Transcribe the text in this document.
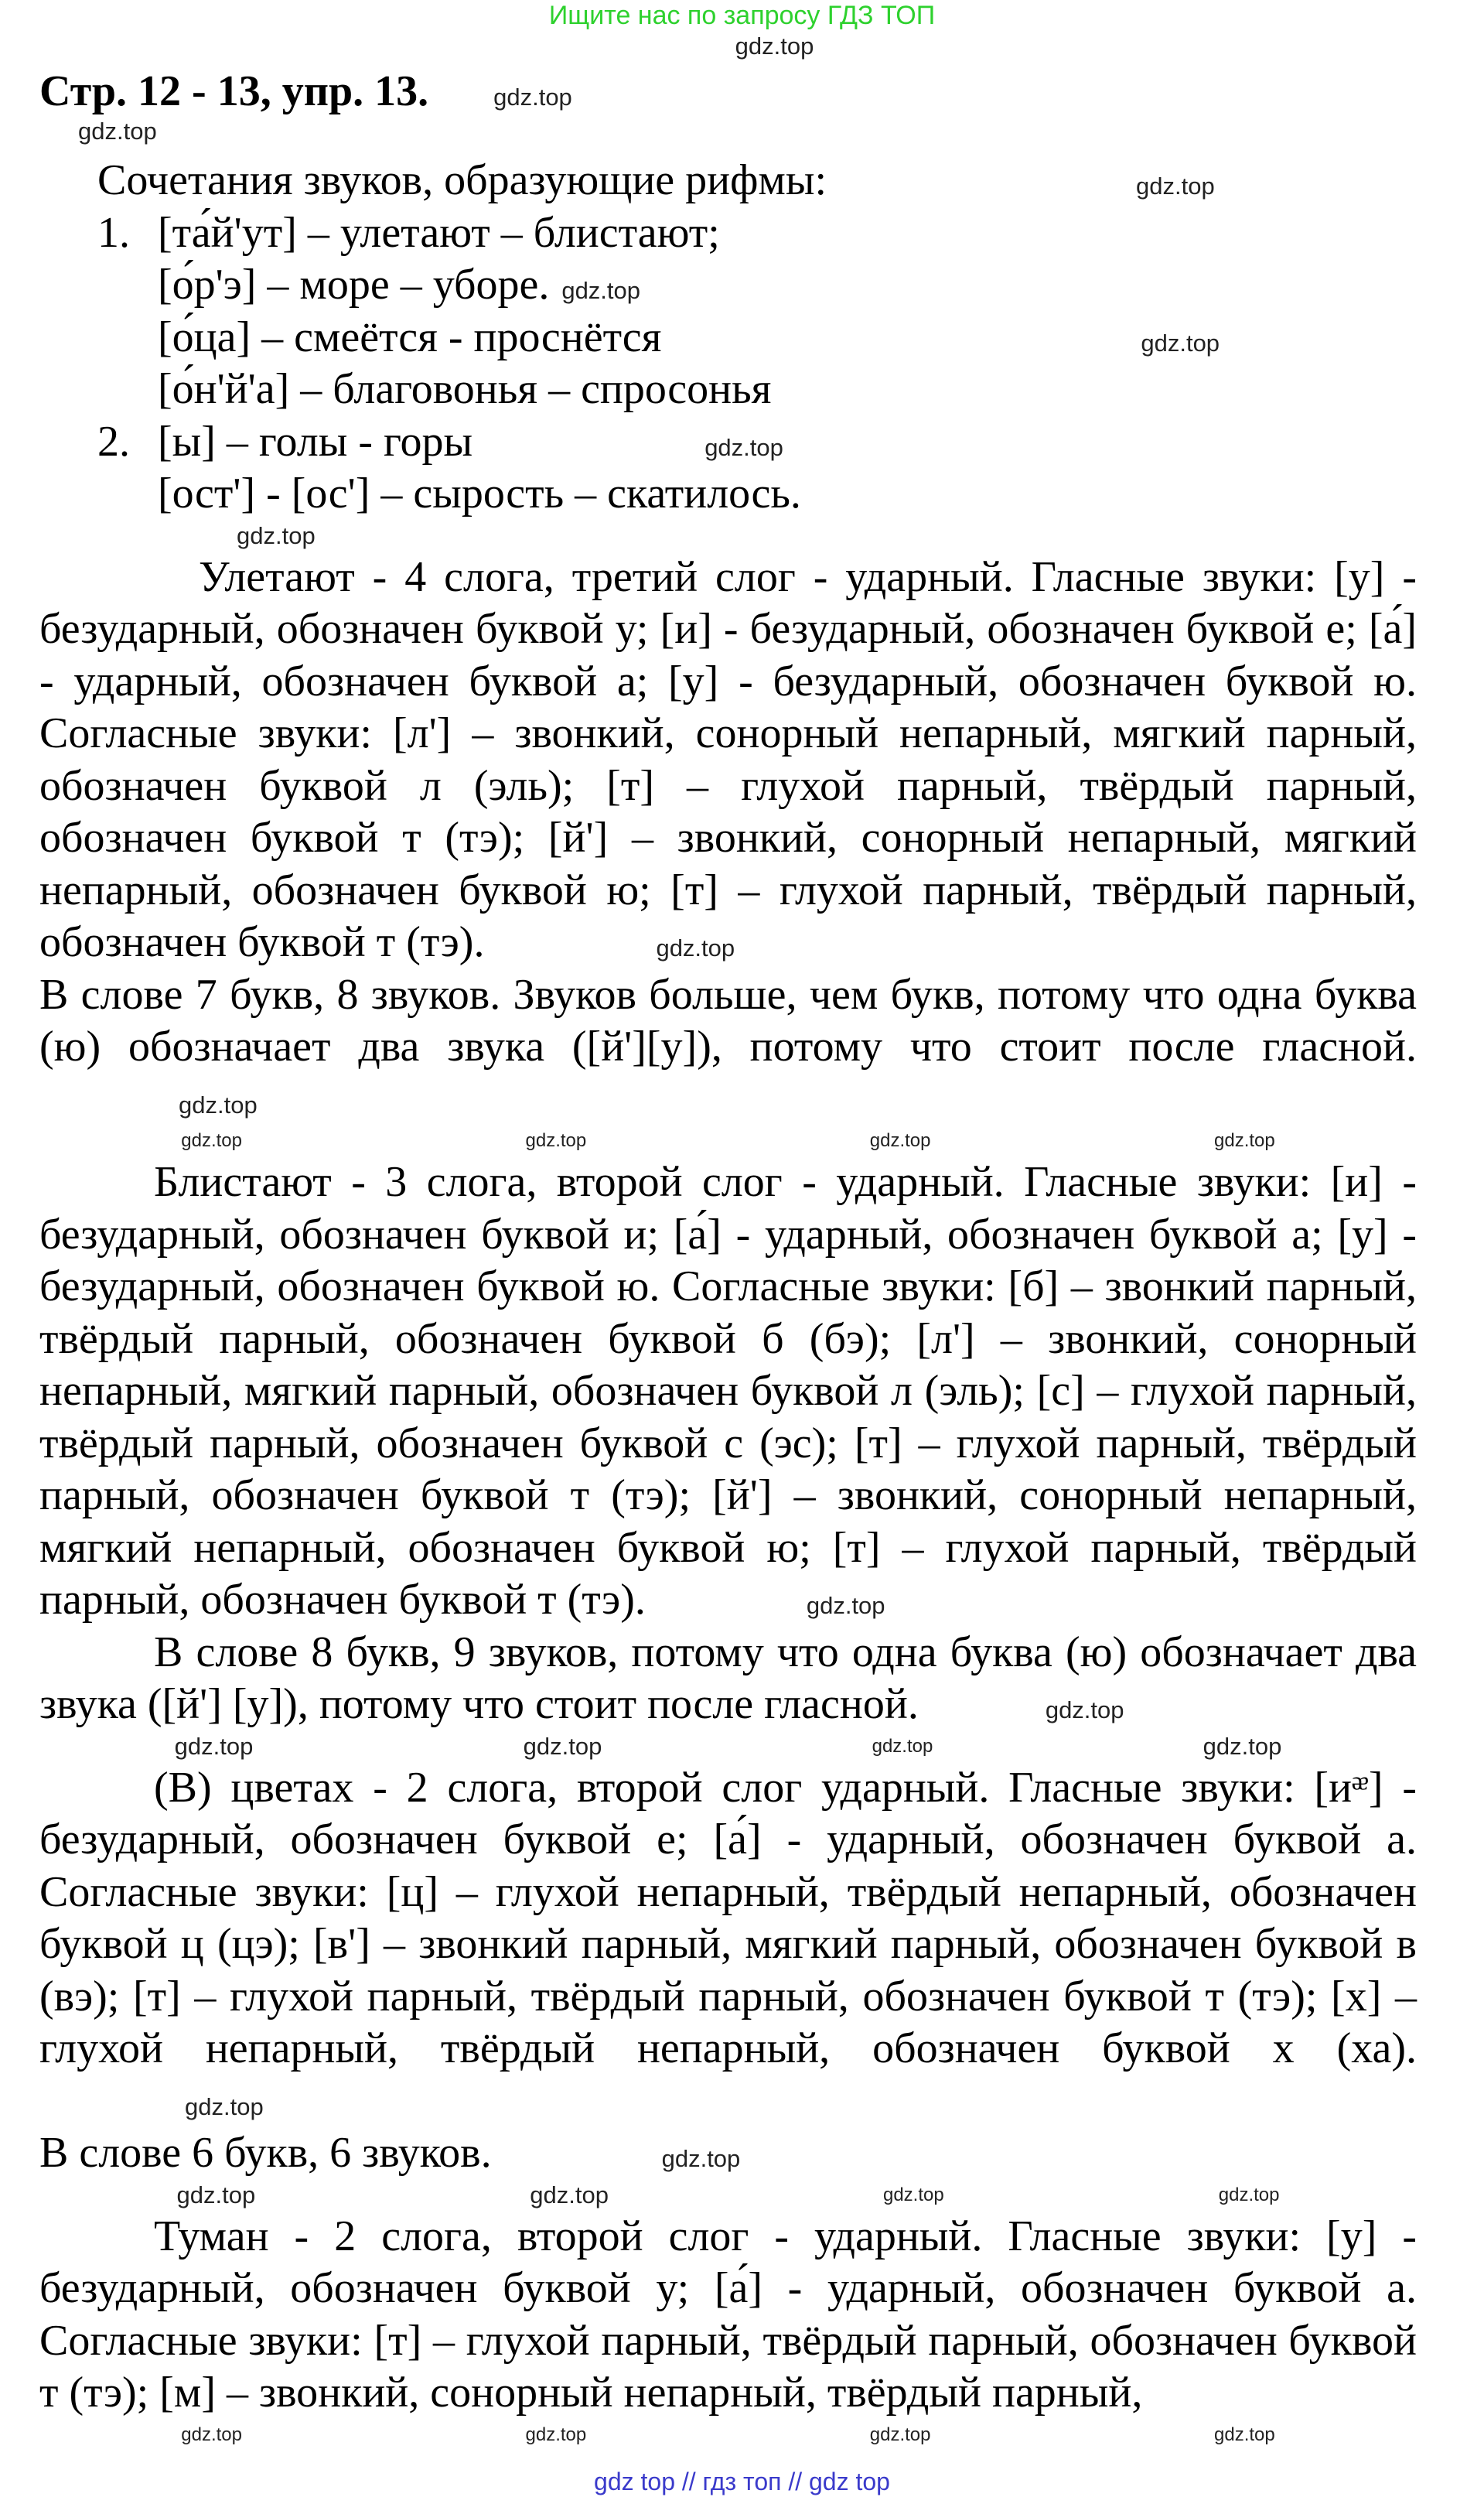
Ищите нас по запросу ГДЗ ТОП
gdz.top
Стр. 12 - 13, упр. 13.	gdz.top
gdz.top
Сочетания звуков, образующие рифмы:	gdz.top
1. [та́й'ут] – улетают – блистают;
[о́р'э] – море – уборе. gdz.top
[о́ца] – смеётся - проснётся	gdz.top
[о́н'й'а] – благовонья – спросонья
2. [ы] – голы - горы	gdz.top
[ост'] - [ос'] – сырость – скатилось.
gdz.top

Улетают - 4 слога, третий слог - ударный. Гласные звуки: [у] - безударный, обозначен буквой у; [и] - безударный, обозначен буквой е; [а́] - ударный, обозначен буквой а; [у] - безударный, обозначен буквой ю. Согласные звуки: [л'] – звонкий, сонорный непарный, мягкий парный, обозначен буквой л (эль); [т] – глухой парный, твёрдый парный, обозначен буквой т (тэ); [й'] – звонкий, сонорный непарный, мягкий непарный, обозначен буквой ю; [т] – глухой парный, твёрдый парный, обозначен буквой т (тэ).	gdz.top

В слове 7 букв, 8 звуков. Звуков больше, чем букв, потому что одна буква (ю) обозначает два звука ([й'][у]), потому что стоит после гласной.gdz.top

gdz.top	gdz.top	gdz.top	gdz.top

Блистают - 3 слога, второй слог - ударный. Гласные звуки: [и] - безударный, обозначен буквой и; [а́] - ударный, обозначен буквой а; [у] - безударный, обозначен буквой ю. Согласные звуки: [б] – звонкий парный, твёрдый парный, обозначен буквой б (бэ); [л'] – звонкий, сонорный непарный, мягкий парный, обозначен буквой л (эль); [с] – глухой парный, твёрдый парный, обозначен буквой с (эс); [т] – глухой парный, твёрдый парный, обозначен буквой т (тэ); [й'] – звонкий, сонорный непарный, мягкий непарный, обозначен буквой ю; [т] – глухой парный, твёрдый парный, обозначен буквой т (тэ).	gdz.top

В слове 8 букв, 9 звуков, потому что одна буква (ю) обозначает два звука ([й'] [у]), потому что стоит после гласной.	gdz.top

gdz.top	gdz.top	gdz.top	gdz.top

(В) цветах - 2 слога, второй слог ударный. Гласные звуки: [иᵆ] - безударный, обозначен буквой е; [а́] - ударный, обозначен буквой а. Согласные звуки: [ц] – глухой непарный, твёрдый непарный, обозначен буквой ц (цэ); [в'] – звонкий парный, мягкий парный, обозначен буквой в (вэ); [т] – глухой парный, твёрдый парный, обозначен буквой т (тэ); [х] – глухой непарный, твёрдый непарный, обозначен буквой х (ха).gdz.top

В слове 6 букв, 6 звуков.	gdz.top

gdz.top	gdz.top	gdz.top	gdz.top

Туман - 2 слога, второй слог - ударный. Гласные звуки: [у] - безударный, обозначен буквой у; [а́] - ударный, обозначен буквой а. Согласные звуки: [т] – глухой парный, твёрдый парный, обозначен буквой т (тэ); [м] – звонкий, сонорный непарный, твёрдый парный,

gdz.top	gdz.top	gdz.top	gdz.top
gdz top // гдз топ // gdz top
